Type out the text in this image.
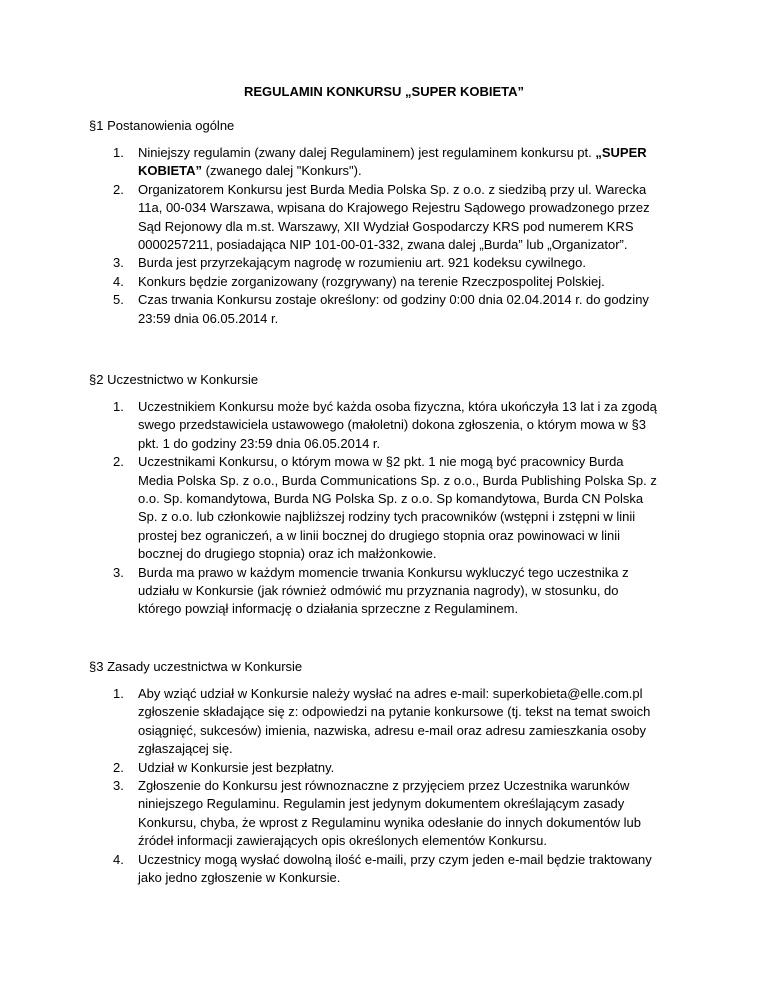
REGULAMIN KONKURSU „SUPER KOBIETA”
§1 Postanowienia ogólne
1. Niniejszy regulamin (zwany dalej Regulaminem) jest regulaminem konkursu pt. „SUPER KOBIETA” (zwanego dalej "Konkurs").
2. Organizatorem Konkursu jest Burda Media Polska Sp. z o.o. z siedzibą przy ul. Warecka 11a, 00-034 Warszawa, wpisana do Krajowego Rejestru Sądowego prowadzonego przez Sąd Rejonowy dla m.st. Warszawy, XII Wydział Gospodarczy KRS pod numerem KRS 0000257211, posiadająca NIP 101-00-01-332, zwana dalej „Burda” lub „Organizator”.
3. Burda jest przyrzekającym nagrodę w rozumieniu art. 921 kodeksu cywilnego.
4. Konkurs będzie zorganizowany (rozgrywany) na terenie Rzeczpospolitej Polskiej.
5. Czas trwania Konkursu zostaje określony: od godziny 0:00 dnia 02.04.2014 r. do godziny 23:59 dnia 06.05.2014 r.
§2 Uczestnictwo w Konkursie
1. Uczestnikiem Konkursu może być każda osoba fizyczna, która ukończyła 13 lat i za zgodą swego przedstawiciela ustawowego (małoletni) dokona zgłoszenia, o którym mowa w §3 pkt. 1 do godziny 23:59 dnia 06.05.2014 r.
2. Uczestnikami Konkursu, o którym mowa w §2 pkt. 1 nie mogą być pracownicy Burda Media Polska Sp. z o.o., Burda Communications Sp. z o.o., Burda Publishing Polska Sp. z o.o. Sp. komandytowa, Burda NG Polska Sp. z o.o. Sp komandytowa, Burda CN Polska Sp. z o.o. lub członkowie najbliższej rodziny tych pracowników (wstępni i zstępni w linii prostej bez ograniczeń, a w linii bocznej do drugiego stopnia oraz powinowaci w linii bocznej do drugiego stopnia) oraz ich małżonkowie.
3. Burda ma prawo w każdym momencie trwania Konkursu wykluczyć tego uczestnika z udziału w Konkursie (jak również odmówić mu przyznania nagrody), w stosunku, do którego powziął informację o działania sprzeczne z Regulaminem.
§3 Zasady uczestnictwa w Konkursie
1. Aby wziąć udział w Konkursie należy wysłać na adres e-mail: superkobieta@elle.com.pl zgłoszenie składające się z: odpowiedzi na pytanie konkursowe (tj. tekst na temat swoich osiągnięć, sukcesów) imienia, nazwiska, adresu e-mail oraz adresu zamieszkania osoby zgłaszającej się.
2. Udział w Konkursie jest bezpłatny.
3. Zgłoszenie do Konkursu jest równoznaczne z przyjęciem przez Uczestnika warunków niniejszego Regulaminu. Regulamin jest jedynym dokumentem określającym zasady Konkursu, chyba, że wprost z Regulaminu wynika odesłanie do innych dokumentów lub źródeł informacji zawierających opis określonych elementów Konkursu.
4. Uczestnicy mogą wysłać dowolną ilość e-maili, przy czym jeden e-mail będzie traktowany jako jedno zgłoszenie w Konkursie.
